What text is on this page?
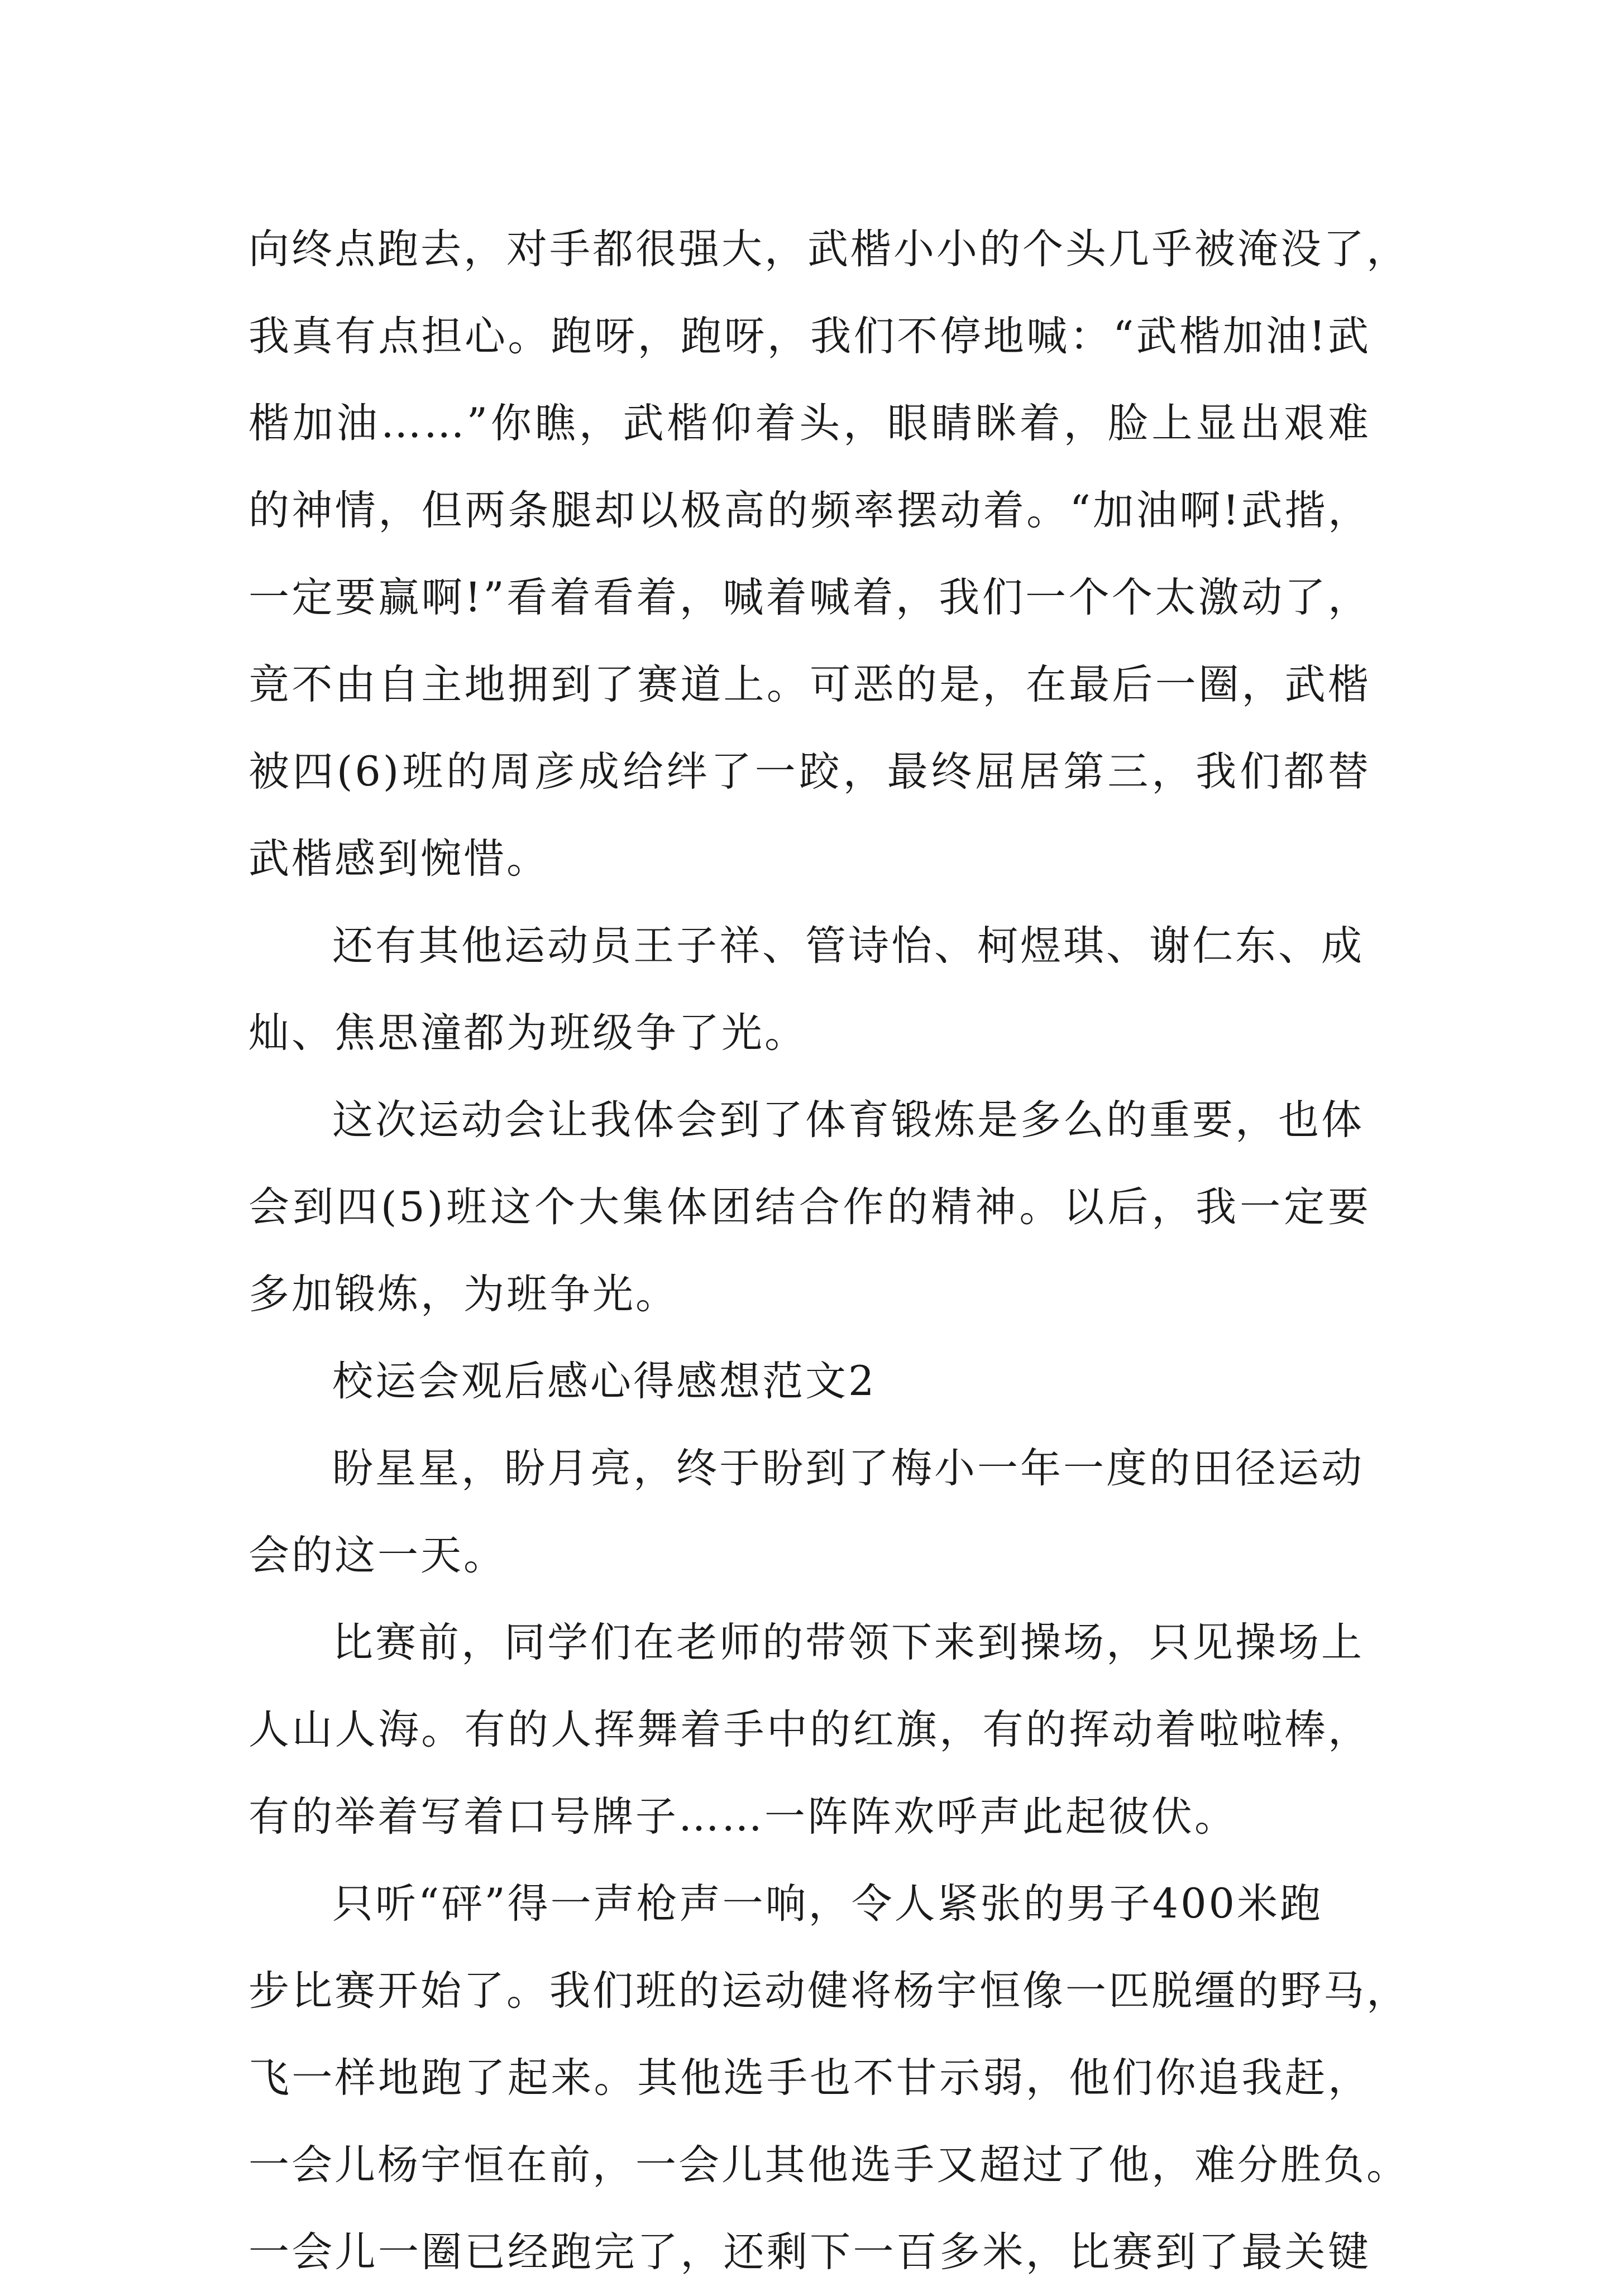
向终点跑去，对手都很强大，武楷小小的个头几乎被淹没了，
我真有点担心。跑呀，跑呀，我们不停地喊：“武楷加油!武
楷加油……”你瞧，武楷仰着头，眼睛眯着，脸上显出艰难
的神情，但两条腿却以极高的频率摆动着。“加油啊!武揩，
一定要赢啊!”看着看着，喊着喊着，我们一个个太激动了，
竟不由自主地拥到了赛道上。可恶的是，在最后一圈，武楷
被四(6)班的周彦成给绊了一跤，最终屈居第三，我们都替
武楷感到惋惜。
还有其他运动员王子祥、管诗怡、柯煜琪、谢仁东、成
灿、焦思潼都为班级争了光。
这次运动会让我体会到了体育锻炼是多么的重要，也体
会到四(5)班这个大集体团结合作的精神。以后，我一定要
多加锻炼，为班争光。
校运会观后感心得感想范文2
盼星星，盼月亮，终于盼到了梅小一年一度的田径运动
会的这一天。
比赛前，同学们在老师的带领下来到操场，只见操场上
人山人海。有的人挥舞着手中的红旗，有的挥动着啦啦棒，
有的举着写着口号牌子……一阵阵欢呼声此起彼伏。
只听“砰”得一声枪声一响，令人紧张的男子400米跑
步比赛开始了。我们班的运动健将杨宇恒像一匹脱缰的野马，
飞一样地跑了起来。其他选手也不甘示弱，他们你追我赶，
一会儿杨宇恒在前，一会儿其他选手又超过了他，难分胜负。
一会儿一圈已经跑完了，还剩下一百多米，比赛到了最关键
